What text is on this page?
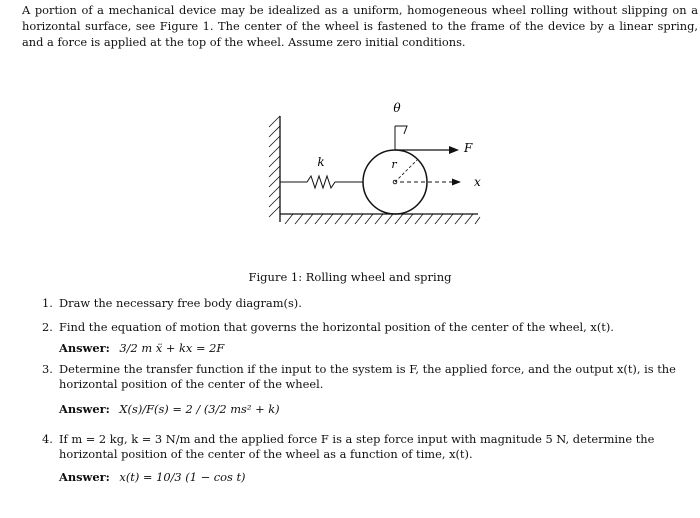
A portion of a mechanical device may be idealized as a uniform, homogeneous wheel rolling without slipping on a horizontal surface, see Figure 1. The center of the wheel is fastened to the frame of the device by a linear spring, and a force is applied at the top of the wheel. Assume zero initial conditions.
θ
k	r
F
x
Figure 1: Rolling wheel and spring
1. Draw the necessary free body diagram(s).
2. Find the equation of motion that governs the horizontal position of the center of the wheel, x(t).
Answer: 3/2 m ẍ + kx = 2F
3. Determine the transfer function if the input to the system is F, the applied force, and the output x(t), is the horizontal position of the center of the wheel.
Answer: X(s)/F(s) = 2 / (3/2 ms² + k)
4. If m = 2 kg, k = 3 N/m and the applied force F is a step force input with magnitude 5 N, determine the horizontal position of the center of the wheel as a function of time, x(t).
Answer: x(t) = 10/3 (1 − cos t)
